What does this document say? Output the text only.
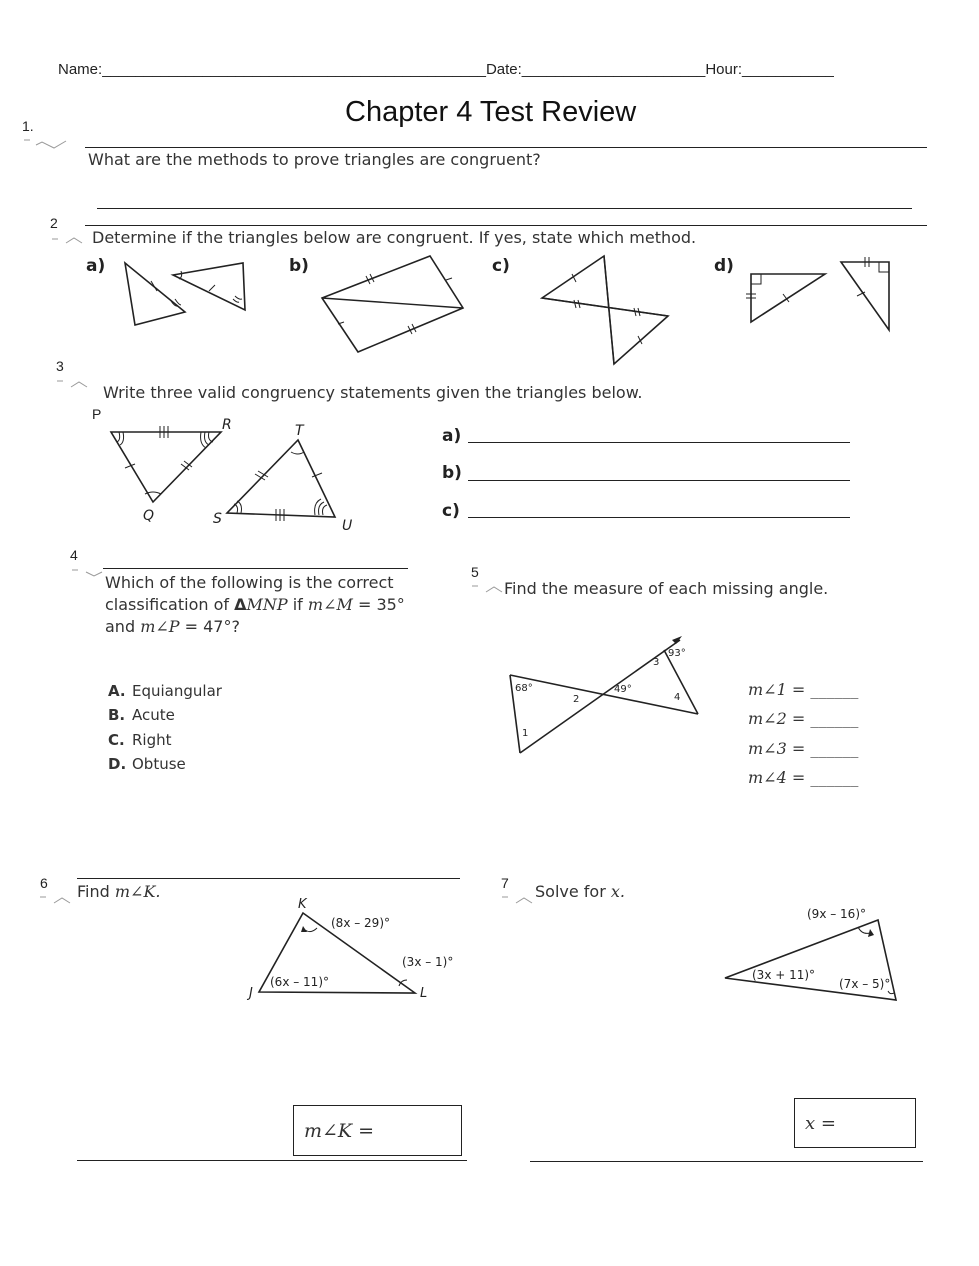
Name:______________________________________________Date:______________________Hour:___________
Chapter 4 Test Review
1.
What are the methods to prove triangles are congruent?
2
Determine if the triangles below are congruent. If yes, state which method.
a)	b)	c)	d)
3
Write three valid congruency statements given the triangles below.
P
R
Q
T
S	U
a)
b)
c)
4
Which of the following is the correct
classification of ΔMNP if m∠M = 35°
and m∠P = 47°?
A. Equiangular
B. Acute
C. Right
D. Obtuse
5
Find the measure of each missing angle.
93°
68°	49°
3
4
2
1
m∠1 = ______
m∠2 = ______
m∠3 = ______
m∠4 = ______
6 Find m∠K.
K
J	L
(8x – 29)°
(3x – 1)°
(6x – 11)°
m∠K =
7 Solve for x.
(9x – 16)°
(3x + 11)°
(7x – 5)°
x =
